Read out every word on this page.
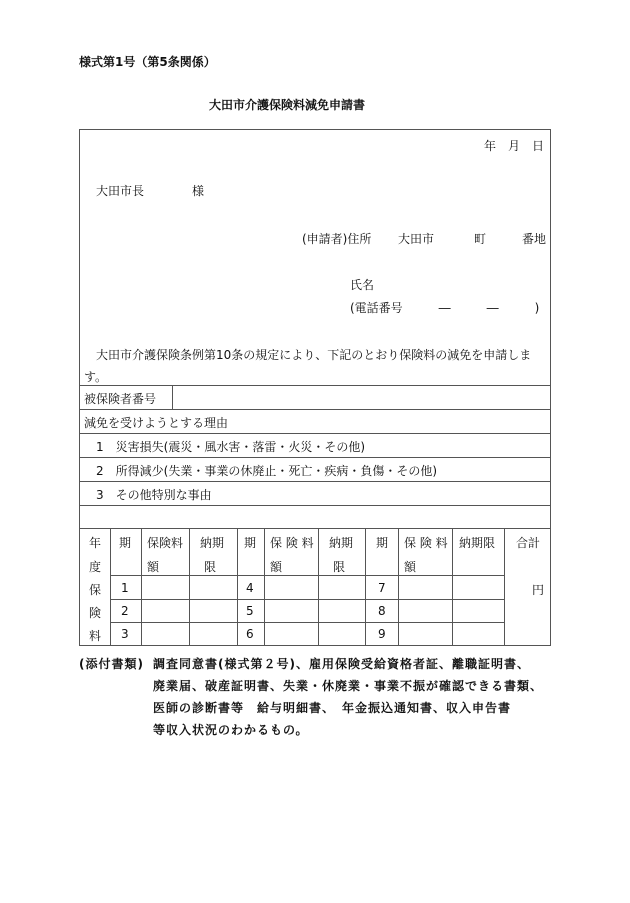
様式第1号（第5条関係）
大田市介護保険料減免申請書
年　月　日
大田市長　　　　様
(申請者)住所 大田市	町	番地
氏名
(電話番号　　　―　　　―　　　)
大田市介護保険条例第10条の規定により、下記のとおり保険料の減免を申請しま
す。
被保険者番号
減免を受けようとする理由
1　災害損失(震災・風水害・落雷・火災・その他)
2　所得減少(失業・事業の休廃止・死亡・疾病・負傷・その他)
3　その他特別な事由
年
度
期 保険料
額
納期
限
期 保 険 料
額
納期
限
期 保 険 料
額
納期限 合計
保
険
料
1
2
3
4
5
6
7
8
9
円
(添付書類) 調査同意書(様式第２号)、雇用保険受給資格者証、離職証明書、
廃業届、破産証明書、失業・休廃業・事業不振が確認できる書類、
医師の診断書等　給与明細書、　年金振込通知書、収入申告書
等収入状況のわかるもの。
